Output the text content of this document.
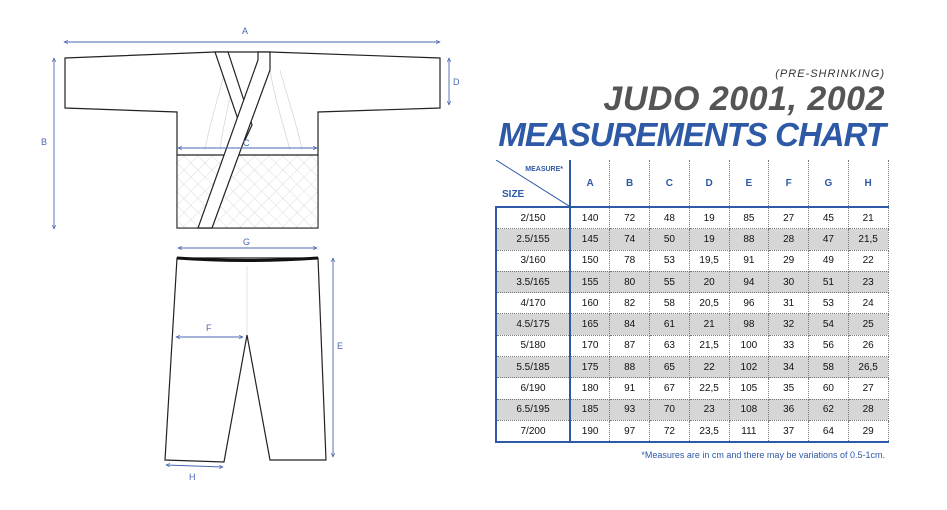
A
B	C
D
E
F
G
H
(PRE-SHRINKING)
JUDO 2001, 2002
MEASUREMENTS CHART
MEASURE*
SIZE	A	B	C	D	E	F	G	H
2/150	140	72	48	19	85	27	45	21
2.5/155	145	74	50	19	88	28	47	21,5
3/160	150	78	53	19,5	91	29	49	22
3.5/165	155	80	55	20	94	30	51	23
4/170	160	82	58	20,5	96	31	53	24
4.5/175	165	84	61	21	98	32	54	25
5/180	170	87	63	21,5	100	33	56	26
5.5/185	175	88	65	22	102	34	58	26,5
6/190	180	91	67	22,5	105	35	60	27
6.5/195	185	93	70	23	108	36	62	28
7/200	190	97	72	23,5	111	37	64	29
*Measures are in cm and there may be variations of 0.5-1cm.
